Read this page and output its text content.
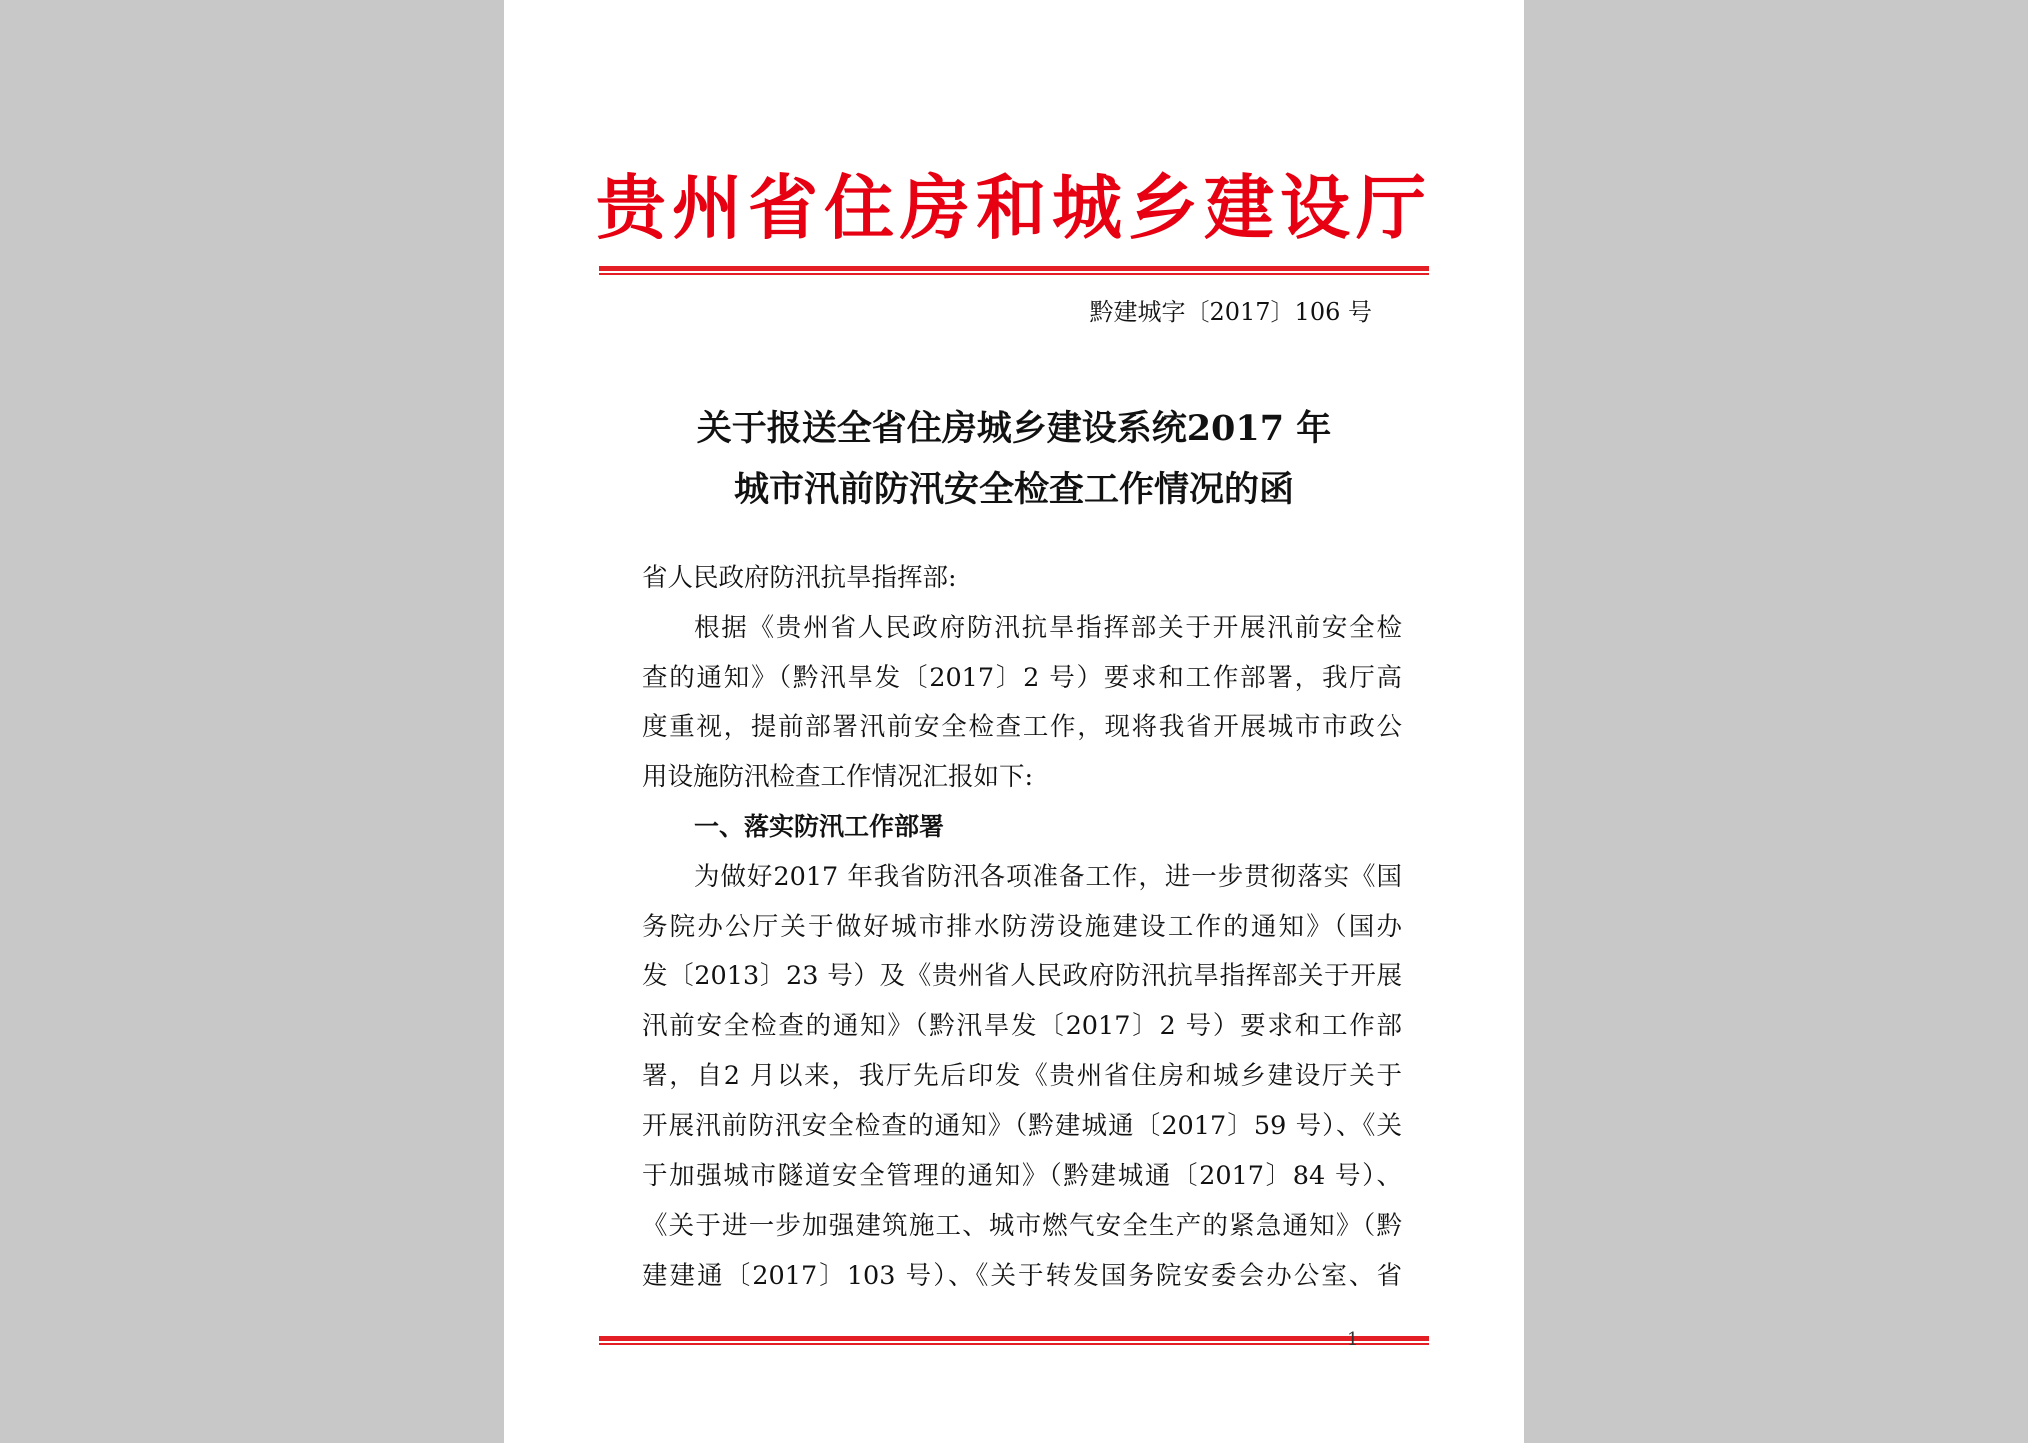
贵州省住房和城乡建设厅
黔建城字〔2017〕106 号
关于报送全省住房城乡建设系统2017 年
城市汛前防汛安全检查工作情况的函
省人民政府防汛抗旱指挥部:
根据《贵州省人民政府防汛抗旱指挥部关于开展汛前安全检
查的通知》（黔汛旱发〔2017〕2 号）要求和工作部署，我厅高
度重视，提前部署汛前安全检查工作，现将我省开展城市市政公
用设施防汛检查工作情况汇报如下:
一、落实防汛工作部署
为做好2017 年我省防汛各项准备工作，进一步贯彻落实《国
务院办公厅关于做好城市排水防涝设施建设工作的通知》（国办
发〔2013〕23 号）及《贵州省人民政府防汛抗旱指挥部关于开展
汛前安全检查的通知》（黔汛旱发〔2017〕2 号）要求和工作部
署，自2 月以来，我厅先后印发《贵州省住房和城乡建设厅关于
开展汛前防汛安全检查的通知》（黔建城通〔2017〕59 号）、《关
于加强城市隧道安全管理的通知》（黔建城通〔2017〕84 号）、
《关于进一步加强建筑施工、城市燃气安全生产的紧急通知》（黔
建建通〔2017〕103 号）、《关于转发国务院安委会办公室、省
1
